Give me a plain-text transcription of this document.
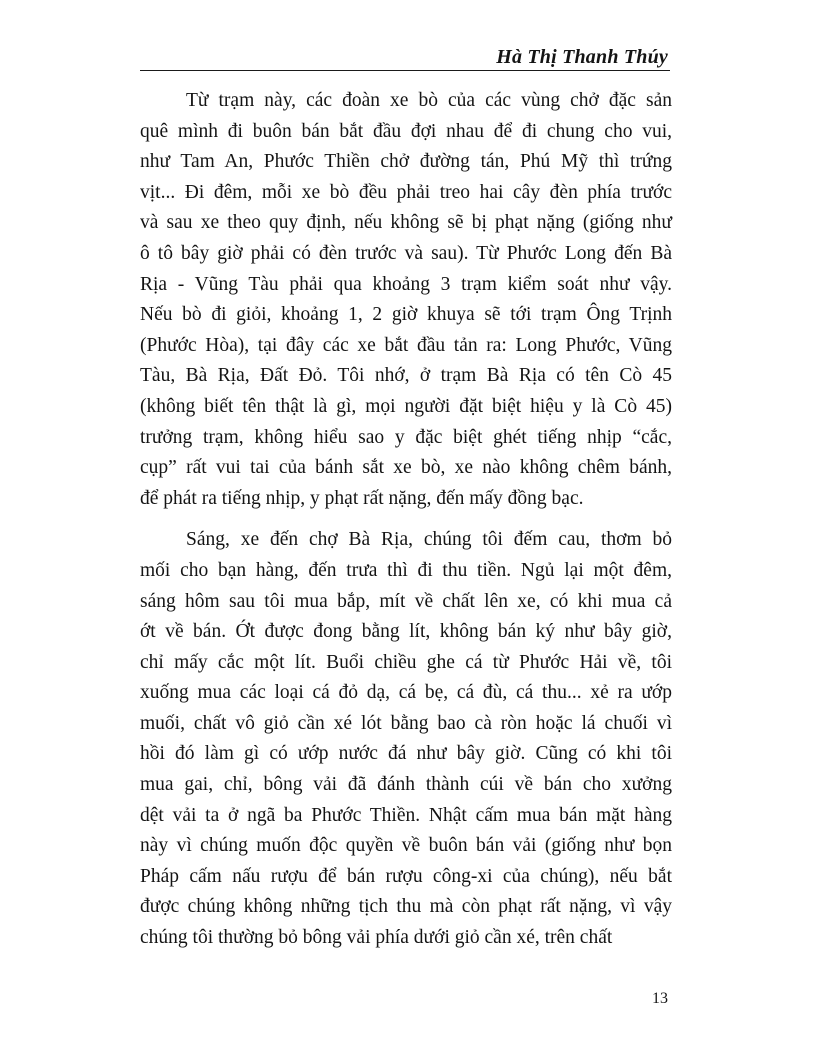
Hà Thị Thanh Thúy
Từ trạm này, các đoàn xe bò của các vùng chở đặc sản
quê mình đi buôn bán bắt đầu đợi nhau để đi chung cho vui,
như Tam An, Phước Thiền chở đường tán, Phú Mỹ thì trứng
vịt... Đi đêm, mỗi xe bò đều phải treo hai cây đèn phía trước
và sau xe theo quy định, nếu không sẽ bị phạt nặng (giống như
ô tô bây giờ phải có đèn trước và sau). Từ Phước Long đến Bà
Rịa - Vũng Tàu phải qua khoảng 3 trạm kiểm soát như vậy.
Nếu bò đi giỏi, khoảng 1, 2 giờ khuya sẽ tới trạm Ông Trịnh
(Phước Hòa), tại đây các xe bắt đầu tản ra: Long Phước, Vũng
Tàu, Bà Rịa, Đất Đỏ. Tôi nhớ, ở trạm Bà Rịa có tên Cò 45
(không biết tên thật là gì, mọi người đặt biệt hiệu y là Cò 45)
trưởng trạm, không hiểu sao y đặc biệt ghét tiếng nhịp “cắc,
cụp” rất vui tai của bánh sắt xe bò, xe nào không chêm bánh,
để phát ra tiếng nhịp, y phạt rất nặng, đến mấy đồng bạc.
Sáng, xe đến chợ Bà Rịa, chúng tôi đếm cau, thơm bỏ
mối cho bạn hàng, đến trưa thì đi thu tiền. Ngủ lại một đêm,
sáng hôm sau tôi mua bắp, mít về chất lên xe, có khi mua cả
ớt về bán. Ớt được đong bằng lít, không bán ký như bây giờ,
chỉ mấy cắc một lít. Buổi chiều ghe cá từ Phước Hải về, tôi
xuống mua các loại cá đỏ dạ, cá bẹ, cá đù, cá thu... xẻ ra ướp
muối, chất vô giỏ cần xé lót bằng bao cà ròn hoặc lá chuối vì
hồi đó làm gì có ướp nước đá như bây giờ. Cũng có khi tôi
mua gai, chỉ, bông vải đã đánh thành cúi về bán cho xưởng
dệt vải ta ở ngã ba Phước Thiền. Nhật cấm mua bán mặt hàng
này vì chúng muốn độc quyền về buôn bán vải (giống như bọn
Pháp cấm nấu rượu để bán rượu công-xi của chúng), nếu bắt
được chúng không những tịch thu mà còn phạt rất nặng, vì vậy
chúng tôi thường bỏ bông vải phía dưới giỏ cần xé, trên chất
13
